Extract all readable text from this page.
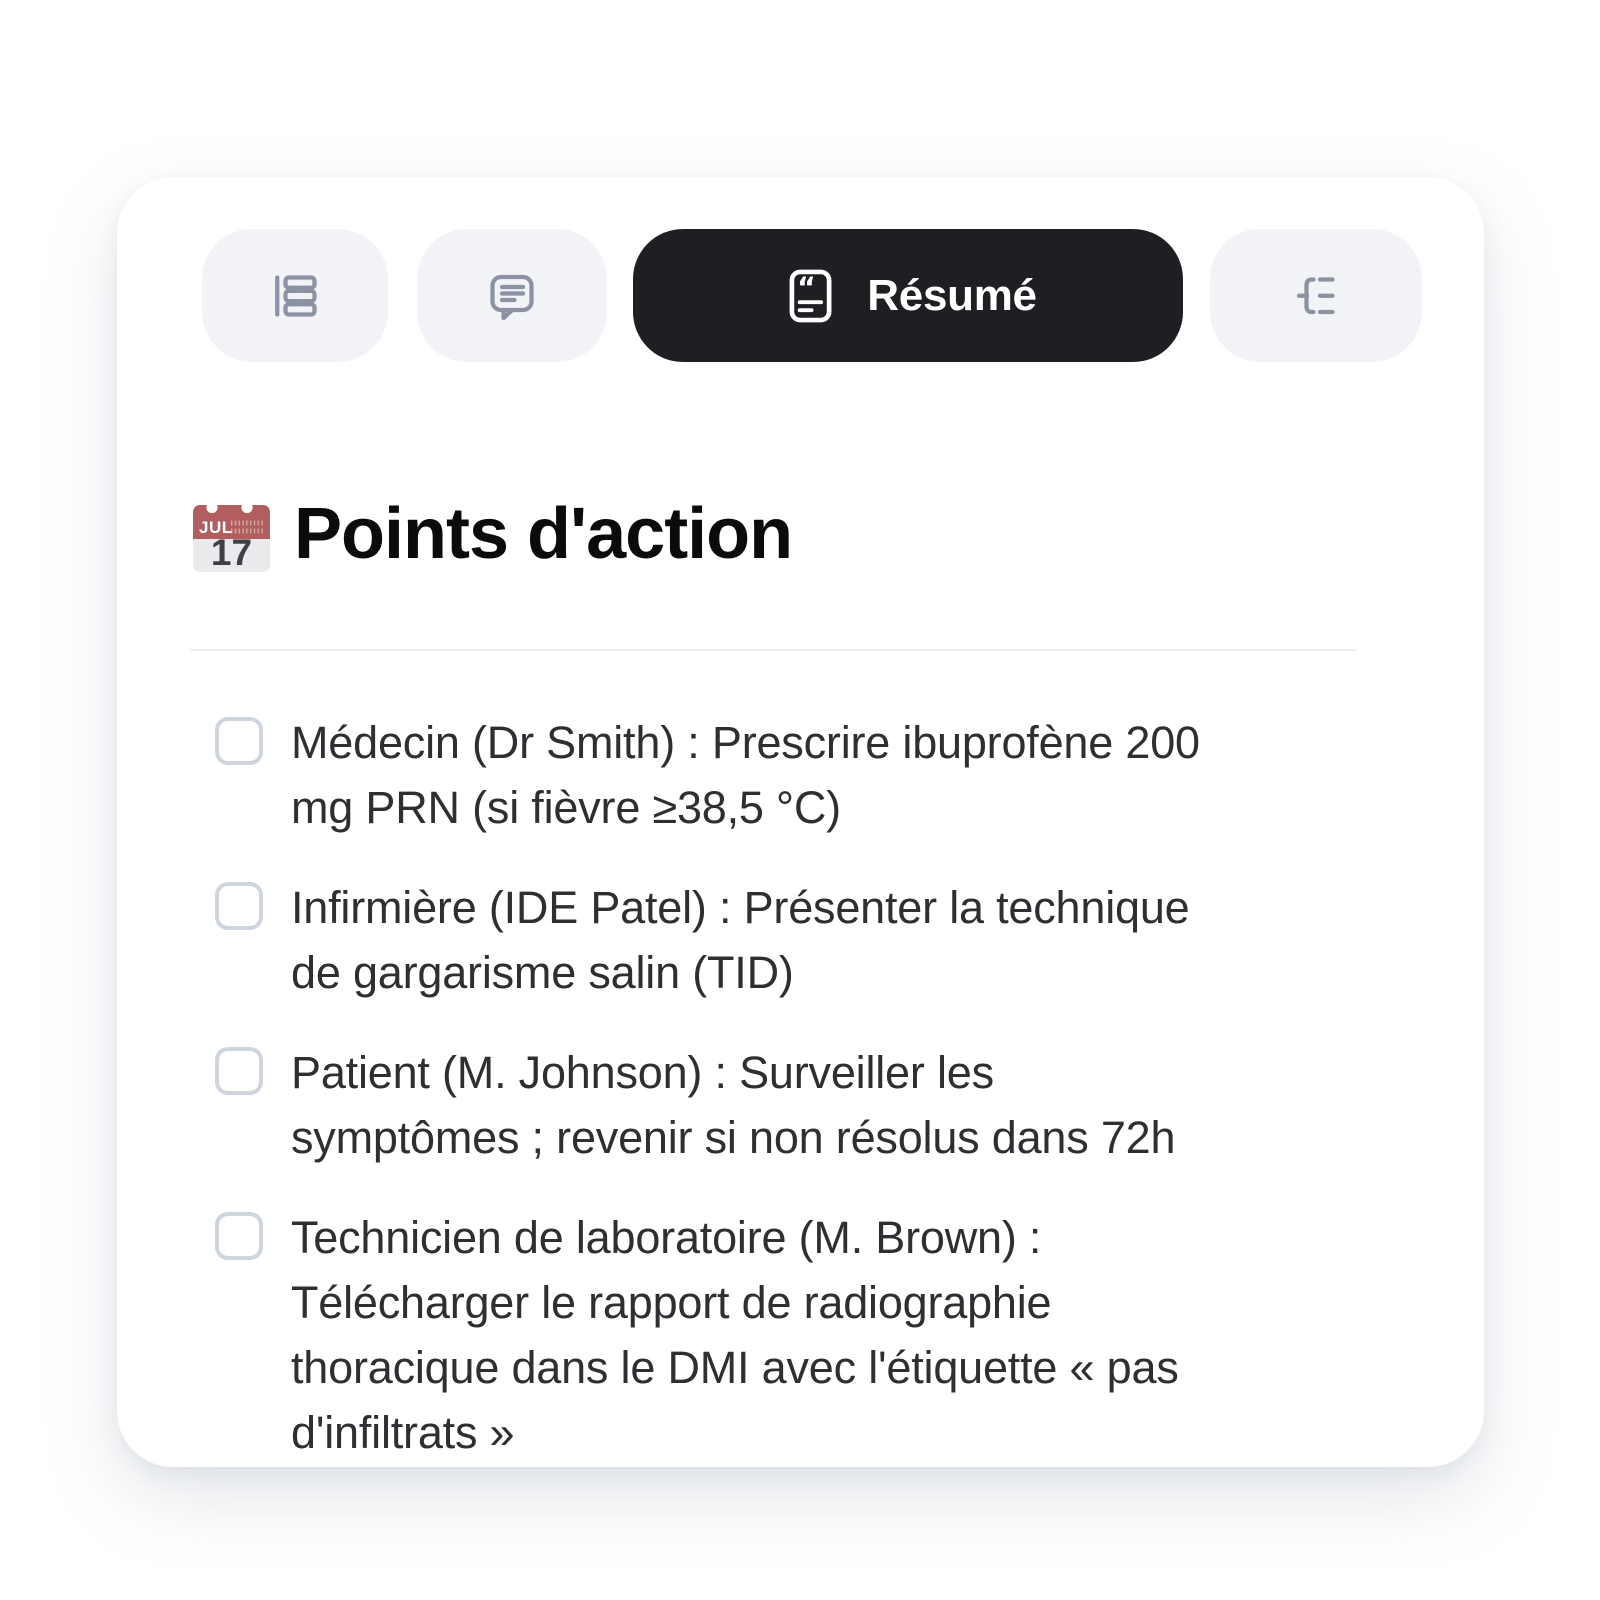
“ Résumé
JUL
17 Points d'action
Médecin (Dr Smith) : Prescrire ibuprofène 200 mg PRN (si fièvre ≥38,5 °C)
Infirmière (IDE Patel) : Présenter la technique de gargarisme salin (TID)
Patient (M. Johnson) : Surveiller les symptômes ; revenir si non résolus dans 72h
Technicien de laboratoire (M. Brown) : Télécharger le rapport de radiographie thoracique dans le DMI avec l'étiquette « pas d'infiltrats »
